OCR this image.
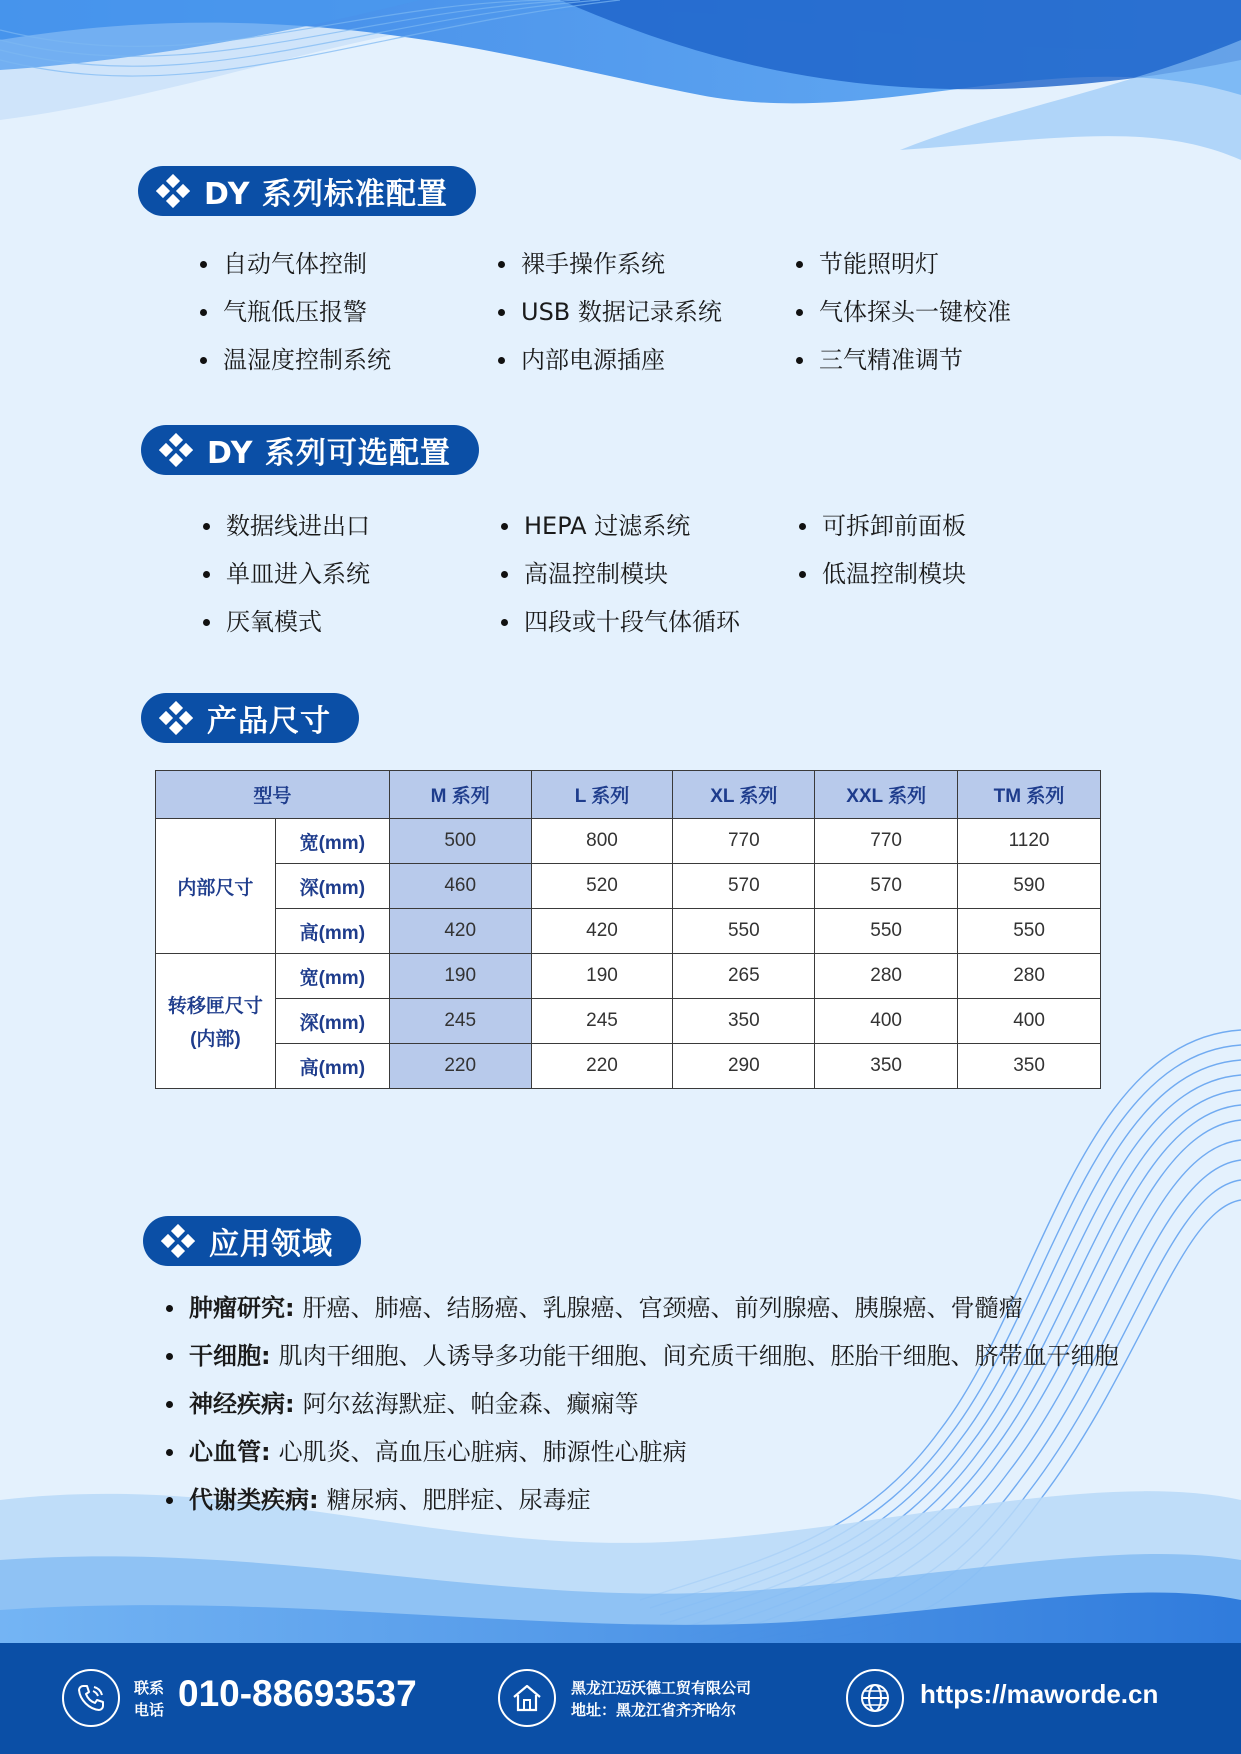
DY 系列标准配置
自动气体控制	裸手操作系统	节能照明灯
气瓶低压报警	USB 数据记录系统	气体探头一键校准
温湿度控制系统	内部电源插座	三气精准调节
DY 系列可选配置
数据线进出口	HEPA 过滤系统	可拆卸前面板
单皿进入系统	高温控制模块	低温控制模块
厌氧模式	四段或十段气体循环
产品尺寸
型号		M 系列	L 系列	XL 系列	XXL 系列	TM 系列
内部尺寸	宽(mm)	500	800	770	770	1120
	深(mm)	460	520	570	570	590
	高(mm)	420	420	550	550	550

转移匣尺寸
(内部)	宽(mm)	190	190	265	280	280
	深(mm)	245	245	350	400	400
	高(mm)	220	220	290	350	350
应用领域
肿瘤研究: 肝癌、肺癌、结肠癌、乳腺癌、宫颈癌、前列腺癌、胰腺癌、骨髓瘤
干细胞: 肌肉干细胞、人诱导多功能干细胞、间充质干细胞、胚胎干细胞、脐带血干细胞
神经疾病: 阿尔兹海默症、帕金森、癫痫等
心血管: 心肌炎、高血压心脏病、肺源性心脏病
代谢类疾病: 糖尿病、肥胖症、尿毒症
联系
电话 010-88693537	黑龙江迈沃德工贸有限公司
地址：黑龙江省齐齐哈尔
https://maworde.cn
